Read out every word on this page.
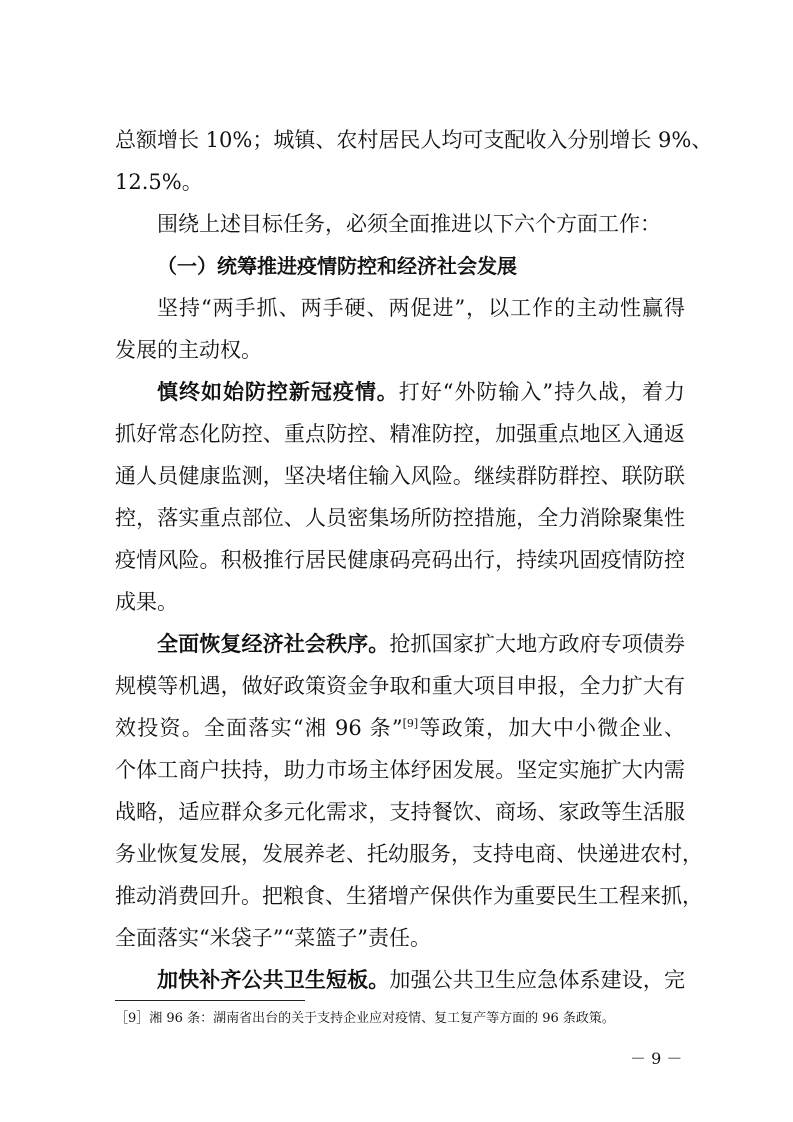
总额增长 10%；城镇、农村居民人均可支配收入分别增长 9%、
12.5%。
围绕上述目标任务，必须全面推进以下六个方面工作：
（一）统筹推进疫情防控和经济社会发展
坚持“两手抓、两手硬、两促进”，以工作的主动性赢得
发展的主动权。
慎终如始防控新冠疫情。打好“外防输入”持久战，着力
抓好常态化防控、重点防控、精准防控，加强重点地区入通返
通人员健康监测，坚决堵住输入风险。继续群防群控、联防联
控，落实重点部位、人员密集场所防控措施，全力消除聚集性
疫情风险。积极推行居民健康码亮码出行，持续巩固疫情防控
成果。
全面恢复经济社会秩序。抢抓国家扩大地方政府专项债券
规模等机遇，做好政策资金争取和重大项目申报，全力扩大有
效投资。全面落实“湘 96 条”[9]等政策，加大中小微企业、
个体工商户扶持，助力市场主体纾困发展。坚定实施扩大内需
战略，适应群众多元化需求，支持餐饮、商场、家政等生活服
务业恢复发展，发展养老、托幼服务，支持电商、快递进农村，
推动消费回升。把粮食、生猪增产保供作为重要民生工程来抓，
全面落实“米袋子”“菜篮子”责任。
加快补齐公共卫生短板。加强公共卫生应急体系建设，完
［9］湘 96 条：湖南省出台的关于支持企业应对疫情、复工复产等方面的 96 条政策。
－ 9 －
